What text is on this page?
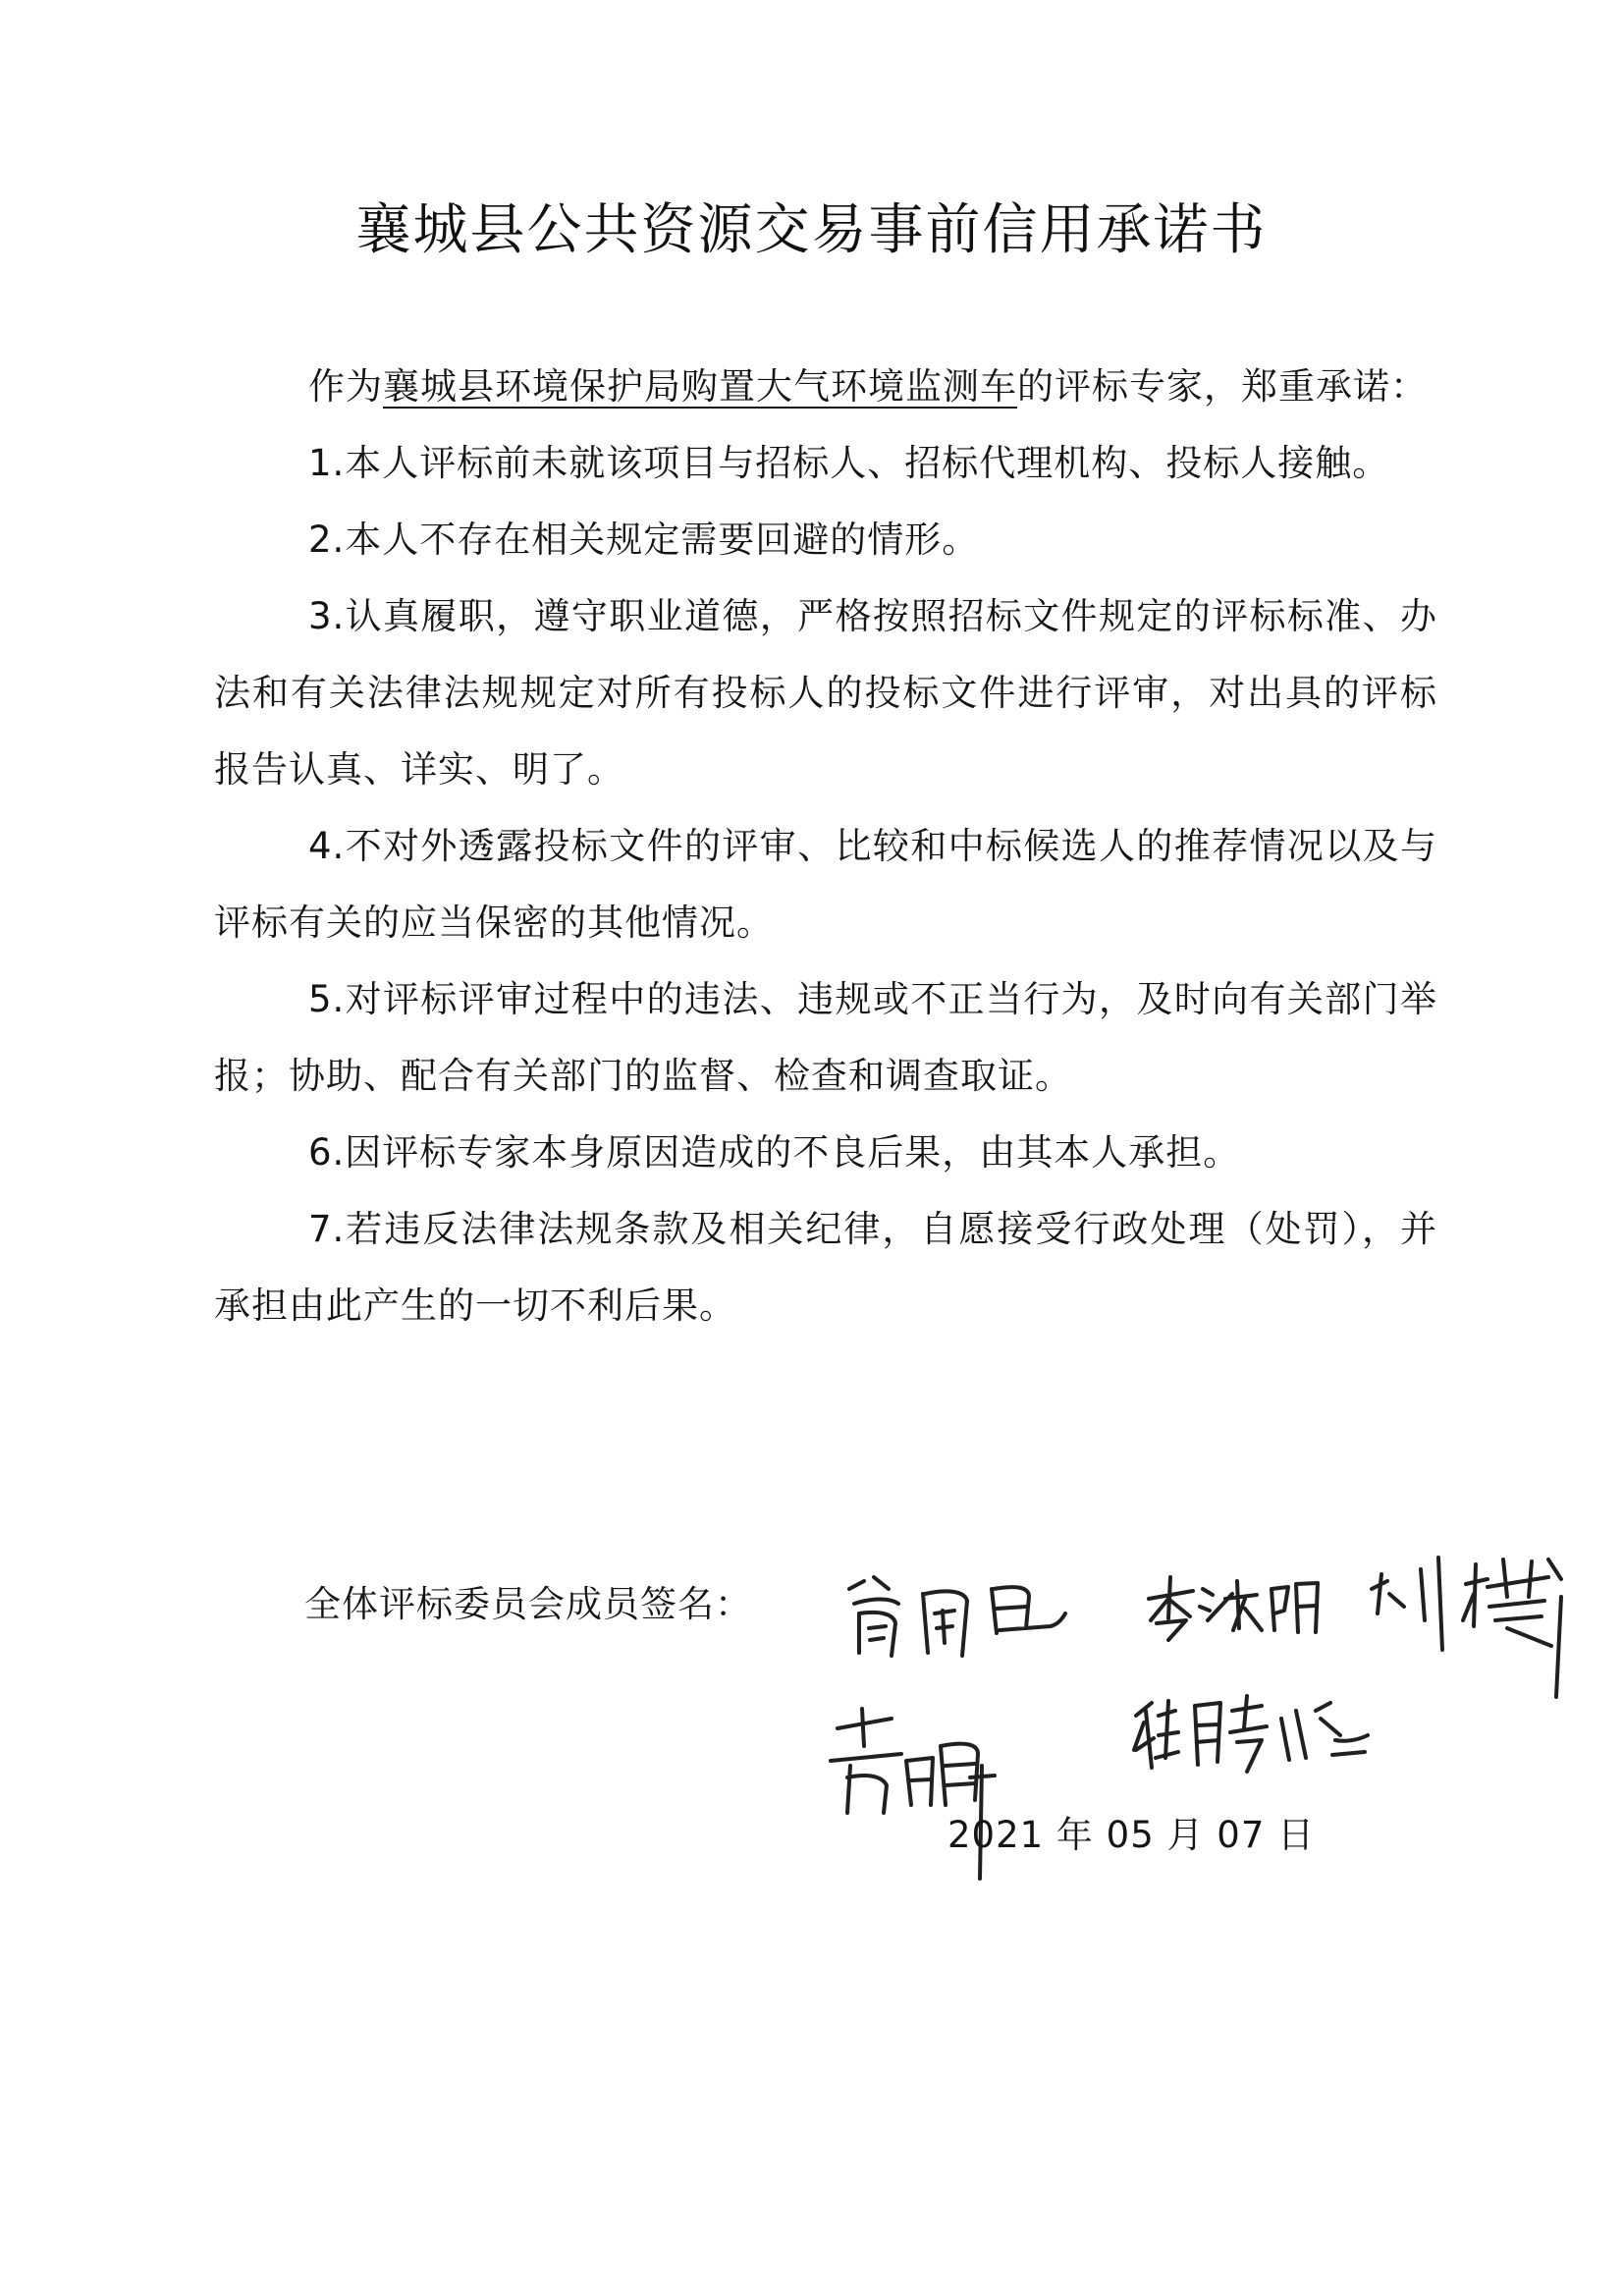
襄城县公共资源交易事前信用承诺书

作为襄城县环境保护局购置大气环境监测车的评标专家，郑重承诺：

1.本人评标前未就该项目与招标人、招标代理机构、投标人接触。

2.本人不存在相关规定需要回避的情形。

3.认真履职，遵守职业道德，严格按照招标文件规定的评标标准、办法和有关法律法规规定对所有投标人的投标文件进行评审，对出具的评标报告认真、详实、明了。

4.不对外透露投标文件的评审、比较和中标候选人的推荐情况以及与评标有关的应当保密的其他情况。

5.对评标评审过程中的违法、违规或不正当行为，及时向有关部门举报；协助、配合有关部门的监督、检查和调查取证。

6.因评标专家本身原因造成的不良后果，由其本人承担。

7.若违反法律法规条款及相关纪律，自愿接受行政处理（处罚），并承担由此产生的一切不利后果。

全体评标委员会成员签名：
2021 年 05 月 07 日
